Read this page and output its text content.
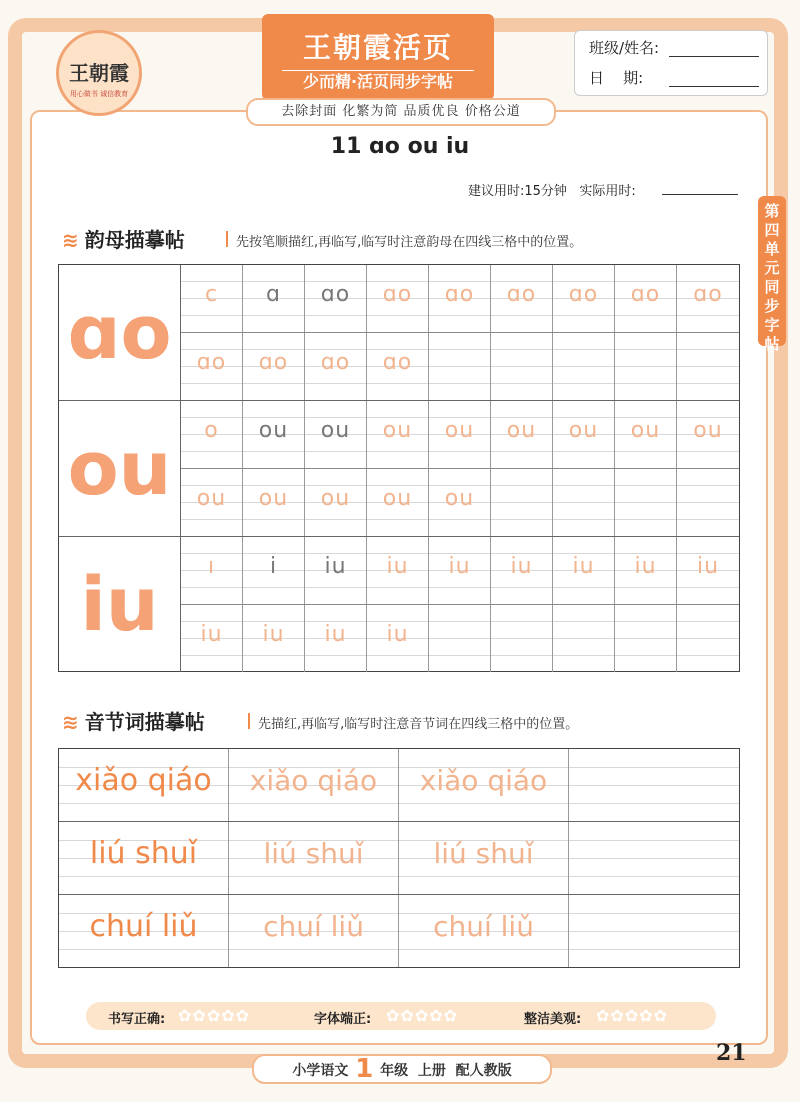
王朝霞
用心做书 诚信教育
王朝霞活页
少而精·活页同步字帖
去除封面 化繁为简 品质优良 价格公道
班级/姓名:
日    期:
11 ɑo ou iu
建议用时:15分钟   实际用时:
第四单元同步字帖
≋ 韵母描摹帖	先按笔顺描红,再临写,临写时注意韵母在四线三格中的位置。
ɑo	c	ɑ	ɑo	ɑo	ɑo	ɑo	ɑo	ɑo	ɑo
ɑo	ɑo	ɑo	ɑo
ou	o	ou	ou	ou	ou	ou	ou	ou	ou
ou	ou	ou	ou	ou
iu	ı	i	iu	iu	iu	iu	iu	iu	iu
iu	iu	iu	iu
≋ 音节词描摹帖	先描红,再临写,临写时注意音节词在四线三格中的位置。
xiǎo qiáo	xiǎo qiáo	xiǎo qiáo
liú shuǐ	liú shuǐ	liú shuǐ
chuí liǔ	chuí liǔ	chuí liǔ
书写正确: ✿✿✿✿✿	字体端正: ✿✿✿✿✿	整洁美观: ✿✿✿✿✿
小学语文 1 年级  上册  配人教版
21
